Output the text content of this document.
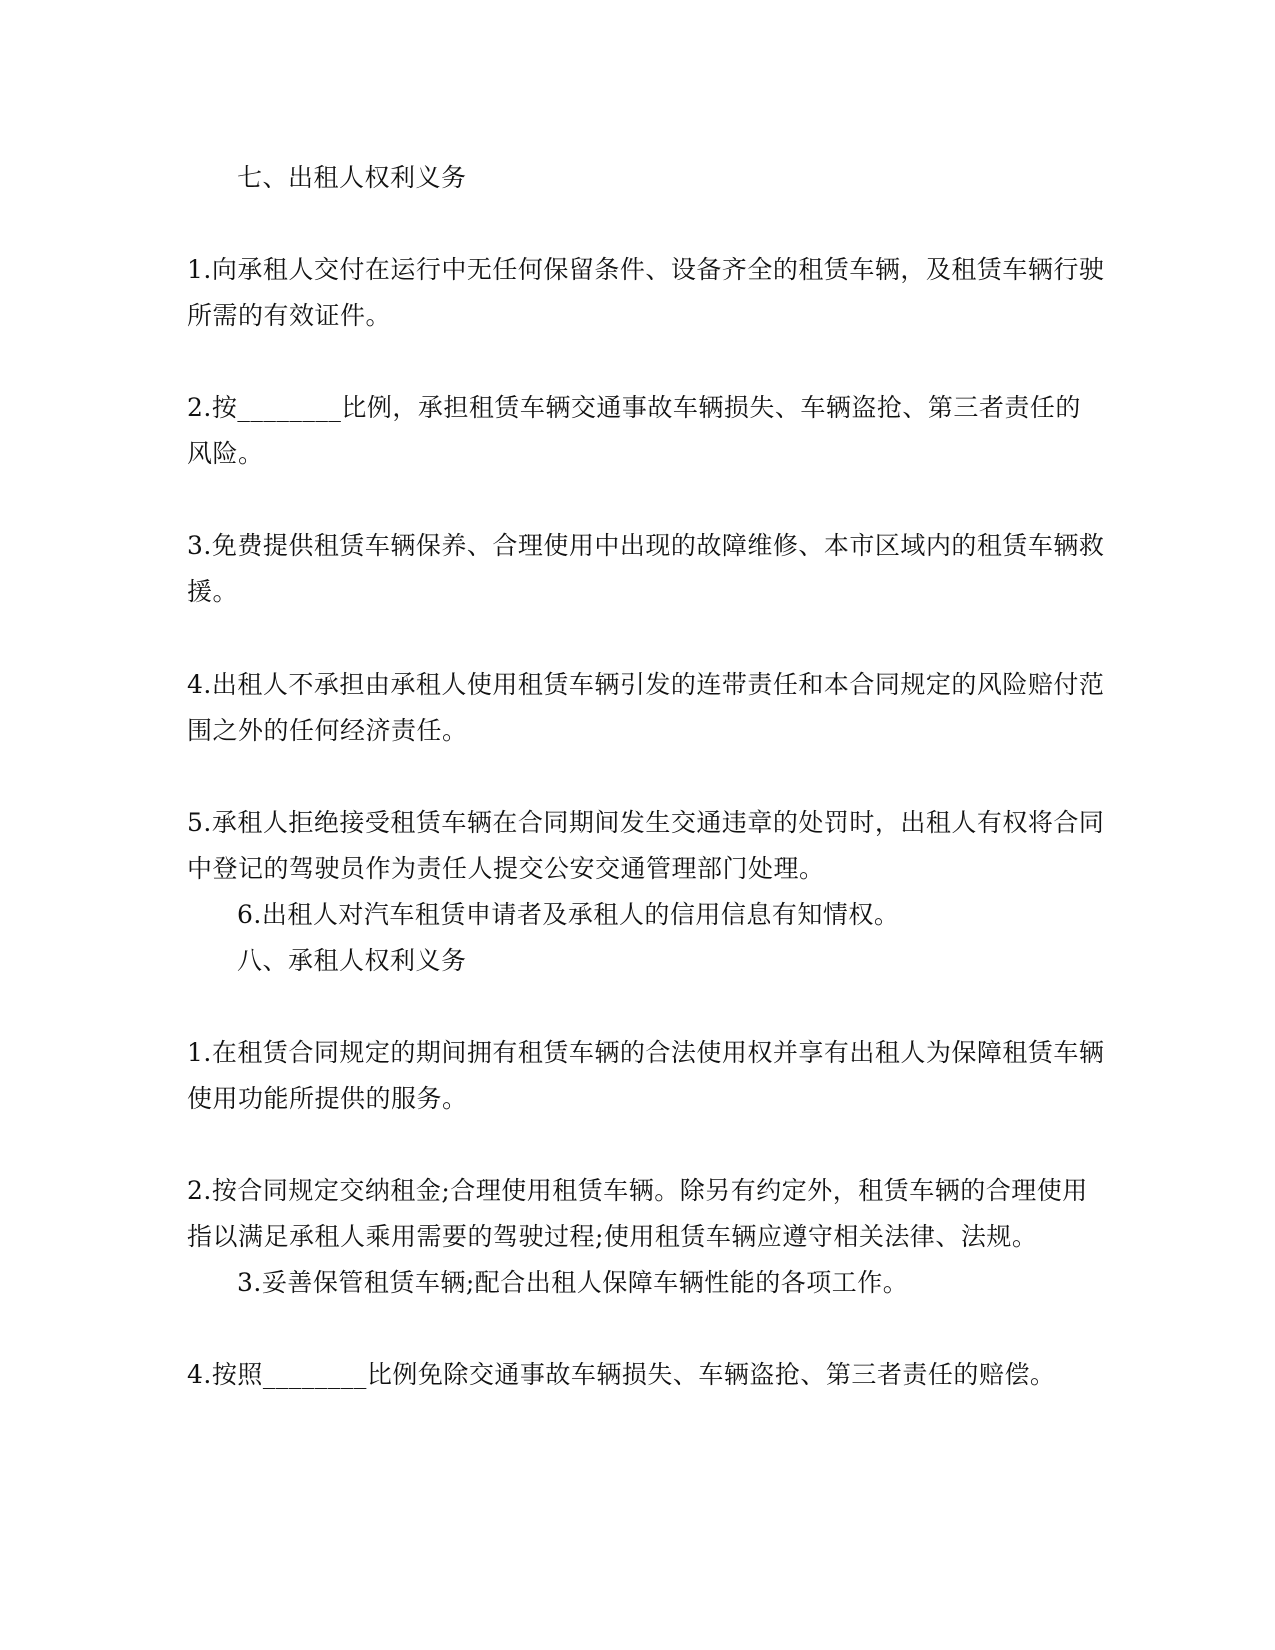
七、出租人权利义务
1.向承租人交付在运行中无任何保留条件、设备齐全的租赁车辆，及租赁车辆行驶
所需的有效证件。
2.按________比例，承担租赁车辆交通事故车辆损失、车辆盗抢、第三者责任的
风险。
3.免费提供租赁车辆保养、合理使用中出现的故障维修、本市区域内的租赁车辆救
援。
4.出租人不承担由承租人使用租赁车辆引发的连带责任和本合同规定的风险赔付范
围之外的任何经济责任。
5.承租人拒绝接受租赁车辆在合同期间发生交通违章的处罚时，出租人有权将合同
中登记的驾驶员作为责任人提交公安交通管理部门处理。
6.出租人对汽车租赁申请者及承租人的信用信息有知情权。
八、承租人权利义务
1.在租赁合同规定的期间拥有租赁车辆的合法使用权并享有出租人为保障租赁车辆
使用功能所提供的服务。
2.按合同规定交纳租金;合理使用租赁车辆。除另有约定外，租赁车辆的合理使用
指以满足承租人乘用需要的驾驶过程;使用租赁车辆应遵守相关法律、法规。
3.妥善保管租赁车辆;配合出租人保障车辆性能的各项工作。
4.按照________比例免除交通事故车辆损失、车辆盗抢、第三者责任的赔偿。
